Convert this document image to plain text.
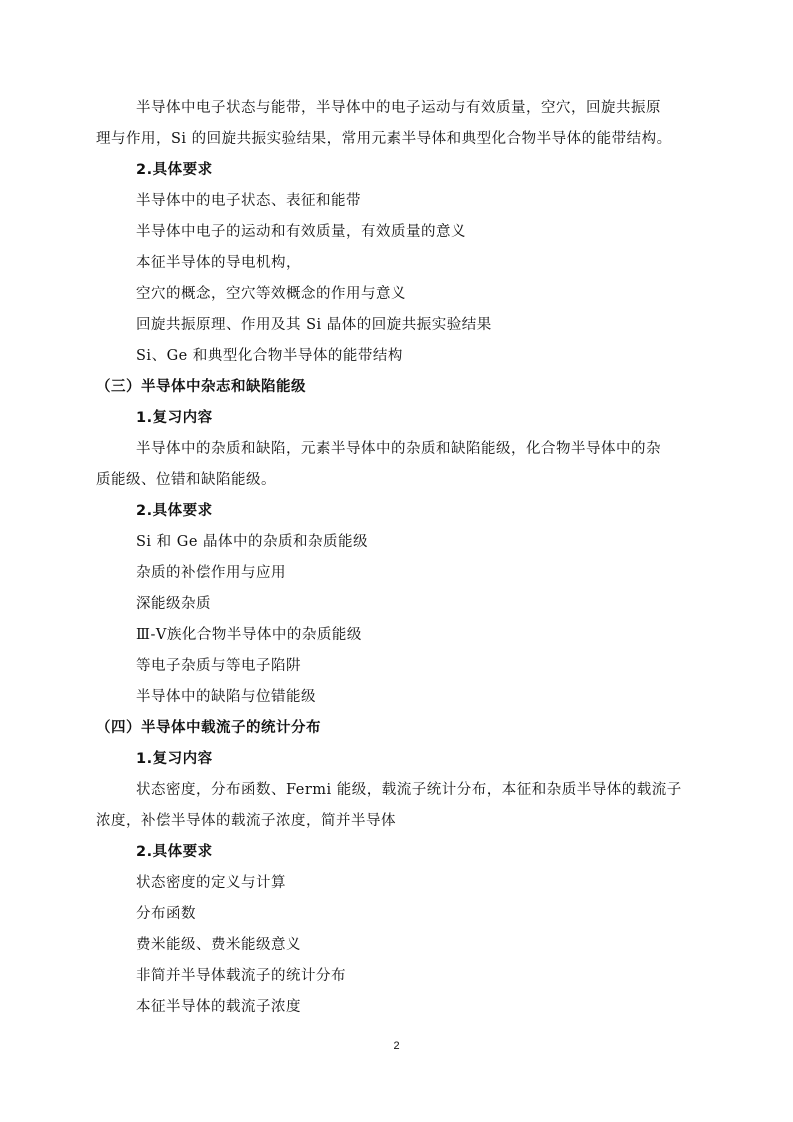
半导体中电子状态与能带，半导体中的电子运动与有效质量，空穴，回旋共振原
理与作用，Si 的回旋共振实验结果，常用元素半导体和典型化合物半导体的能带结构。
2.具体要求
半导体中的电子状态、表征和能带
半导体中电子的运动和有效质量，有效质量的意义
本征半导体的导电机构，
空穴的概念，空穴等效概念的作用与意义
回旋共振原理、作用及其 Si 晶体的回旋共振实验结果
Si、Ge 和典型化合物半导体的能带结构
（三）半导体中杂志和缺陷能级
1.复习内容
半导体中的杂质和缺陷，元素半导体中的杂质和缺陷能级，化合物半导体中的杂
质能级、位错和缺陷能级。
2.具体要求
Si 和 Ge 晶体中的杂质和杂质能级
杂质的补偿作用与应用
深能级杂质
Ⅲ-Ⅴ族化合物半导体中的杂质能级
等电子杂质与等电子陷阱
半导体中的缺陷与位错能级
（四）半导体中载流子的统计分布
1.复习内容
状态密度，分布函数、Fermi 能级，载流子统计分布，本征和杂质半导体的载流子
浓度，补偿半导体的载流子浓度，简并半导体
2.具体要求
状态密度的定义与计算
分布函数
费米能级、费米能级意义
非简并半导体载流子的统计分布
本征半导体的载流子浓度
2
